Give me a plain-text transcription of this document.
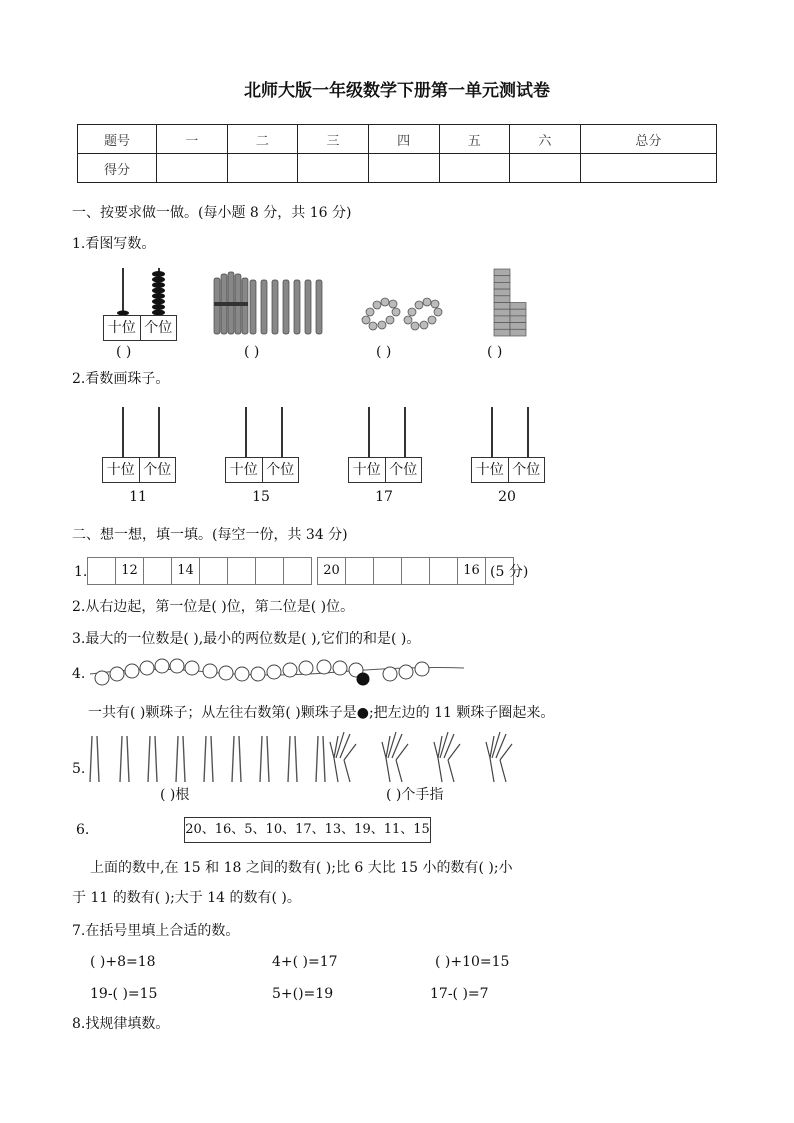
北师大版一年级数学下册第一单元测试卷
题号	一	二	三	四	五	六	总分
得分							
一、按要求做一做。(每小题 8 分，共 16 分)
1.看图写数。
十位 个位
( )	( )	( )	( )
2.看数画珠子。
十位 个位
11
十位 个位
15
十位 个位
17
十位 个位
20
二、想一想，填一填。(每空一份，共 34 分)
1.	12	14	20	16 (5 分)
2.从右边起，第一位是( )位，第二位是( )位。
3.最大的一位数是( ),最小的两位数是( ),它们的和是( )。
4.
一共有( )颗珠子；从左往右数第( )颗珠子是●;把左边的 11 颗珠子圈起来。
5.
( )根	( )个手指
6.	20、16、5、10、17、13、19、11、15
上面的数中,在 15 和 18 之间的数有( );比 6 大比 15 小的数有( );小
于 11 的数有( );大于 14 的数有( )。
7.在括号里填上合适的数。
( )+8=18	4+( )=17	( )+10=15
19-( )=15	5+()=19	17-( )=7
8.找规律填数。
